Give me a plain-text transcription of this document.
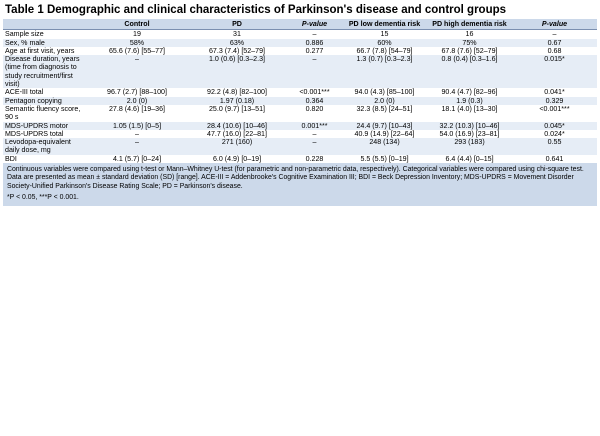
Table 1 Demographic and clinical characteristics of Parkinson's disease and control groups
	Control	PD	P-value	PD low dementia risk	PD high dementia risk	P-value
Sample size	19	31	–	15	16	–
Sex, % male	58%	63%	0.886	60%	75%	0.67
Age at first visit, years	65.6 (7.6) [55–77]	67.3 (7.4) [52–79]	0.277	66.7 (7.8) [54–79]	67.8 (7.6) [52–79]	0.68
Disease duration, years (time from diagnosis to study recruitment/first visit)	–	1.0 (0.6) [0.3–2.3]	–	1.3 (0.7) [0.3–2.3]	0.8 (0.4) [0.3–1.6]	0.015*
ACE-III total	96.7 (2.7) [88–100]	92.2 (4.8) [82–100]	<0.001***	94.0 (4.3) [85–100]	90.4 (4.7) [82–96]	0.041*
Pentagon copying	2.0 (0)	1.97 (0.18)	0.364	2.0 (0)	1.9 (0.3)	0.329
Semantic fluency score, 90 s	27.8 (4.6) [19–36]	25.0 (9.7) [13–51]	0.820	32.3 (8.5) [24–51]	18.1 (4.0) [13–30]	<0.001***
MDS-UPDRS motor	1.05 (1.5) [0–5]	28.4 (10.6) [10–46]	0.001***	24.4 (9.7) [10–43]	32.2 (10.3) [10–46]	0.045*
MDS-UPDRS total	–	47.7 (16.0) [22–81]	–	40.9 (14.9) [22–64]	54.0 (16.9) [23–81]	0.024*
Levodopa-equivalent daily dose, mg	–	271 (160)	–	248 (134)	293 (183)	0.55
BDI	4.1 (5.7) [0–24]	6.0 (4.9) [0–19]	0.228	5.5 (5.5) [0–19]	6.4 (4.4) [0–15]	0.641

Continuous variables were compared using t-test or Mann–Whitney U-test (for parametric and non-parametric data, respectively). Categorical variables were compared using chi-square test. Data are presented as mean ± standard deviation (SD) [range]. ACE-III = Addenbrooke's Cognitive Examination III; BDI = Beck Depression Inventory; MDS-UPDRS = Movement Disorder Society-Unified Parkinson's Disease Rating Scale; PD = Parkinson's disease.

*P < 0.05, ***P < 0.001.
